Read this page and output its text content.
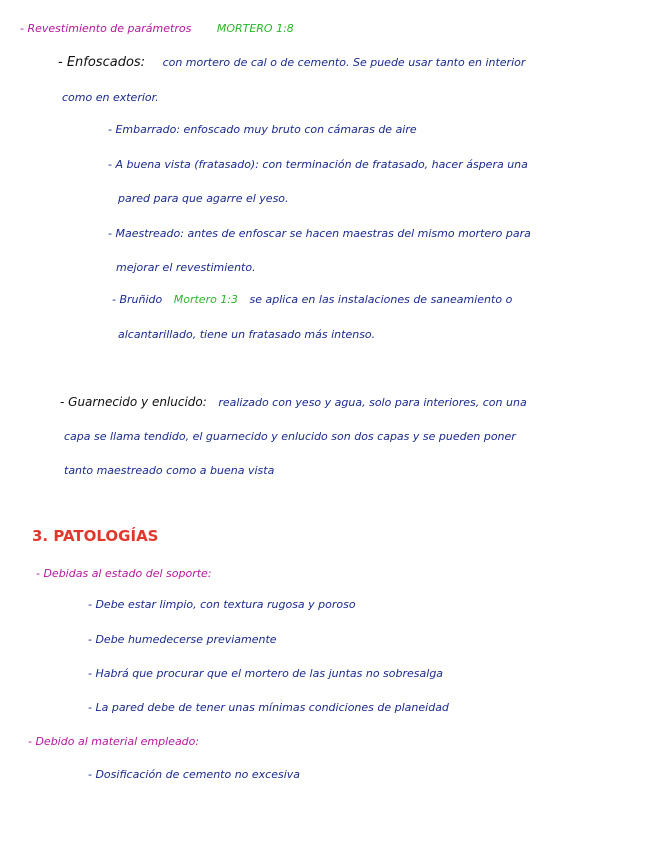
- Revestimiento de parámetros MORTERO 1:8
- Enfoscados: con mortero de cal o de cemento. Se puede usar tanto en interior
como en exterior.
- Embarrado: enfoscado muy bruto con cámaras de aire
- A buena vista (fratasado): con terminación de fratasado, hacer áspera una
pared para que agarre el yeso.
- Maestreado: antes de enfoscar se hacen maestras del mismo mortero para
mejorar el revestimiento.
- Bruñido Mortero 1:3 se aplica en las instalaciones de saneamiento o
alcantarillado, tiene un fratasado más intenso.
- Guarnecido y enlucido: realizado con yeso y agua, solo para interiores, con una
capa se llama tendido, el guarnecido y enlucido son dos capas y se pueden poner
tanto maestreado como a buena vista
3. PATOLOGÍAS
- Debidas al estado del soporte:
- Debe estar limpio, con textura rugosa y poroso
- Debe humedecerse previamente
- Habrá que procurar que el mortero de las juntas no sobresalga
- La pared debe de tener unas mínimas condiciones de planeidad
- Debido al material empleado:
- Dosificación de cemento no excesiva
